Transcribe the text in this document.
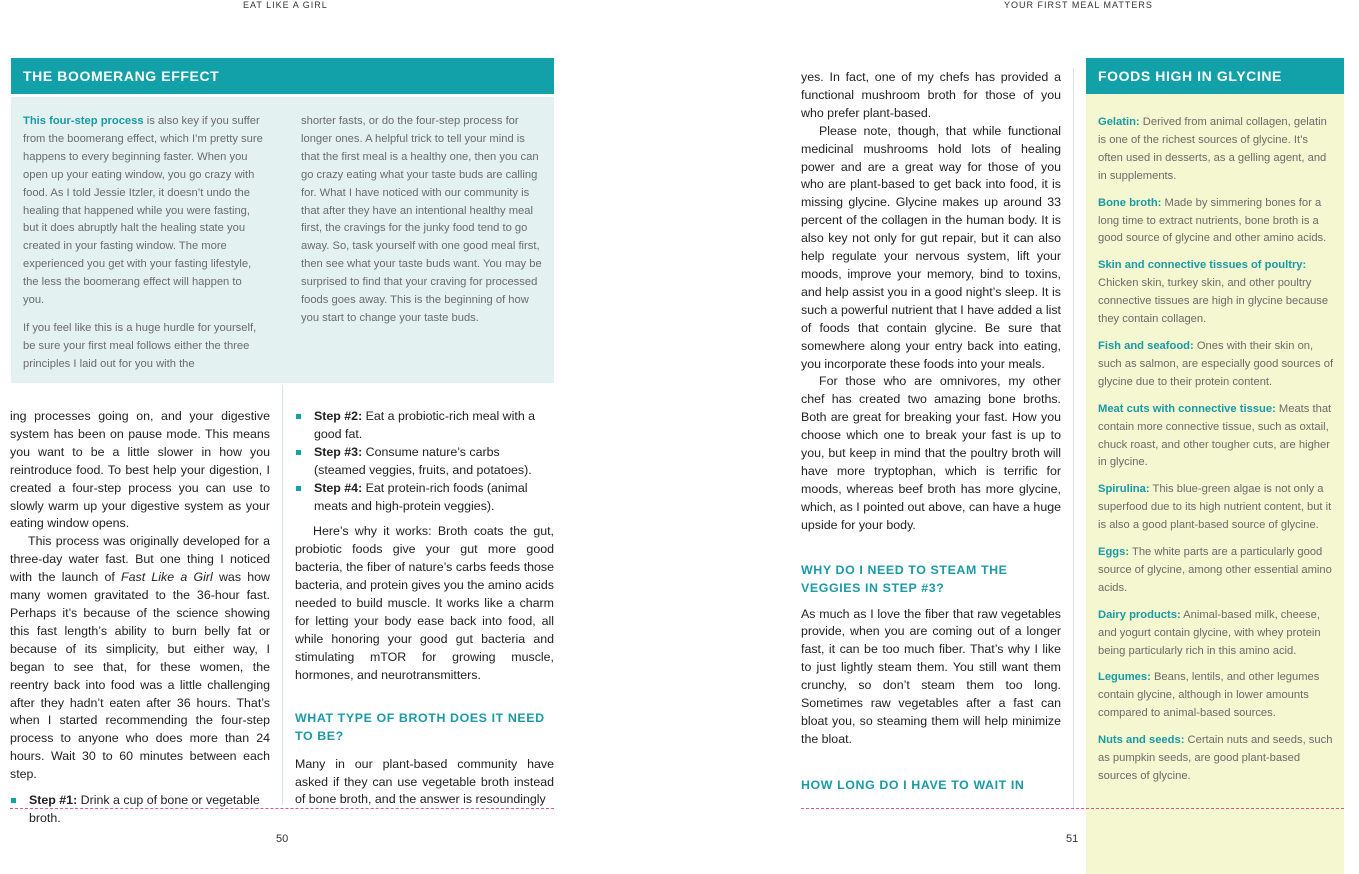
EAT LIKE A GIRL
THE BOOMERANG EFFECT

This four-step process is also key if you suffer from the boomerang effect, which I’m pretty sure happens to every beginning faster. When you open up your eating window, you go crazy with food. As I told Jessie Itzler, it doesn’t undo the healing that happened while you were fasting, but it does abruptly halt the healing state you created in your fasting window. The more experienced you get with your fasting lifestyle, the less the boomerang effect will happen to you.

If you feel like this is a huge hurdle for yourself, be sure your first meal follows either the three principles I laid out for you with the

shorter fasts, or do the four-step process for longer ones. A helpful trick to tell your mind is that the first meal is a healthy one, then you can go crazy eating what your taste buds are calling for. What I have noticed with our community is that after they have an intentional healthy meal first, the cravings for the junky food tend to go away. So, task yourself with one good meal first, then see what your taste buds want. You may be surprised to find that your craving for processed foods goes away. This is the beginning of how you start to change your taste buds.

ing processes going on, and your digestive system has been on pause mode. This means you want to be a little slower in how you reintroduce food. To best help your digestion, I created a four-step process you can use to slowly warm up your digestive system as your eating window opens.

This process was originally developed for a three-day water fast. But one thing I noticed with the launch of Fast Like a Girl was how many women gravitated to the 36-hour fast. Perhaps it’s because of the science showing this fast length’s ability to burn belly fat or because of its simplicity, but either way, I began to see that, for these women, the reentry back into food was a little challenging after they hadn’t eaten after 36 hours. That’s when I started recommending the four-step process to anyone who does more than 24 hours. Wait 30 to 60 minutes between each step.

Step #1: Drink a cup of bone or vegetable broth.
Step #2: Eat a probiotic-rich meal with a good fat.
Step #3: Consume nature’s carbs (steamed veggies, fruits, and potatoes).
Step #4: Eat protein-rich foods (animal meats and high-protein veggies).

Here’s why it works: Broth coats the gut, probiotic foods give your gut more good bacteria, the fiber of nature’s carbs feeds those bacteria, and protein gives you the amino acids needed to build muscle. It works like a charm for letting your body ease back into food, all while honoring your good gut bacteria and stimulating mTOR for growing muscle, hormones, and neurotransmitters.

WHAT TYPE OF BROTH DOES IT NEED TO BE?

Many in our plant-based community have asked if they can use vegetable broth instead of bone broth, and the answer is resoundingly

50
YOUR FIRST MEAL MATTERS

yes. In fact, one of my chefs has provided a functional mushroom broth for those of you who prefer plant-based.

Please note, though, that while functional medicinal mushrooms hold lots of healing power and are a great way for those of you who are plant-based to get back into food, it is missing glycine. Glycine makes up around 33 percent of the collagen in the human body. It is also key not only for gut repair, but it can also help regulate your nervous system, lift your moods, improve your memory, bind to toxins, and help assist you in a good night’s sleep. It is such a powerful nutrient that I have added a list of foods that contain glycine. Be sure that somewhere along your entry back into eating, you incorporate these foods into your meals.

For those who are omnivores, my other chef has created two amazing bone broths. Both are great for breaking your fast. How you choose which one to break your fast is up to you, but keep in mind that the poultry broth will have more tryptophan, which is terrific for moods, whereas beef broth has more glycine, which, as I pointed out above, can have a huge upside for your body.

WHY DO I NEED TO STEAM THE VEGGIES IN STEP #3?

As much as I love the fiber that raw vegetables provide, when you are coming out of a longer fast, it can be too much fiber. That’s why I like to just lightly steam them. You still want them crunchy, so don’t steam them too long. Sometimes raw vegetables after a fast can bloat you, so steaming them will help minimize the bloat.

HOW LONG DO I HAVE TO WAIT IN

Gelatin: Derived from animal collagen, gelatin is one of the richest sources of glycine. It’s often used in desserts, as a gelling agent, and in supplements.

Bone broth: Made by simmering bones for a long time to extract nutrients, bone broth is a good source of glycine and other amino acids.

Skin and connective tissues of poultry: Chicken skin, turkey skin, and other poultry connective tissues are high in glycine because they contain collagen.

Fish and seafood: Ones with their skin on, such as salmon, are especially good sources of glycine due to their protein content.

Meat cuts with connective tissue: Meats that contain more connective tissue, such as oxtail, chuck roast, and other tougher cuts, are higher in glycine.

Spirulina: This blue-green algae is not only a superfood due to its high nutrient content, but it is also a good plant-based source of glycine.

Eggs: The white parts are a particularly good source of glycine, among other essential amino acids.

Dairy products: Animal-based milk, cheese, and yogurt contain glycine, with whey protein being particularly rich in this amino acid.

Legumes: Beans, lentils, and other legumes contain glycine, although in lower amounts compared to animal-based sources.

Nuts and seeds: Certain nuts and seeds, such as pumpkin seeds, are good plant-based sources of glycine.

FOODS HIGH IN GLYCINE
51
